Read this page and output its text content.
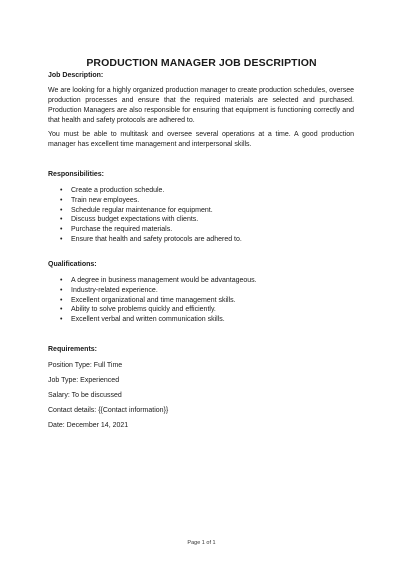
PRODUCTION MANAGER JOB DESCRIPTION
Job Description:
We are looking for a highly organized production manager to create production schedules, oversee production processes and ensure that the required materials are selected and purchased. Production Managers are also responsible for ensuring that equipment is functioning correctly and that health and safety protocols are adhered to.
You must be able to multitask and oversee several operations at a time. A good production manager has excellent time management and interpersonal skills.
Responsibilities:
• Create a production schedule.
• Train new employees.
• Schedule regular maintenance for equipment.
• Discuss budget expectations with clients.
• Purchase the required materials.
• Ensure that health and safety protocols are adhered to.
Qualifications:
• A degree in business management would be advantageous.
• Industry-related experience.
• Excellent organizational and time management skills.
• Ability to solve problems quickly and efficiently.
• Excellent verbal and written communication skills.
Requirements:
Position Type: Full Time
Job Type: Experienced
Salary: To be discussed
Contact details: {{Contact information}}
Date: December 14, 2021
Page 1 of 1
